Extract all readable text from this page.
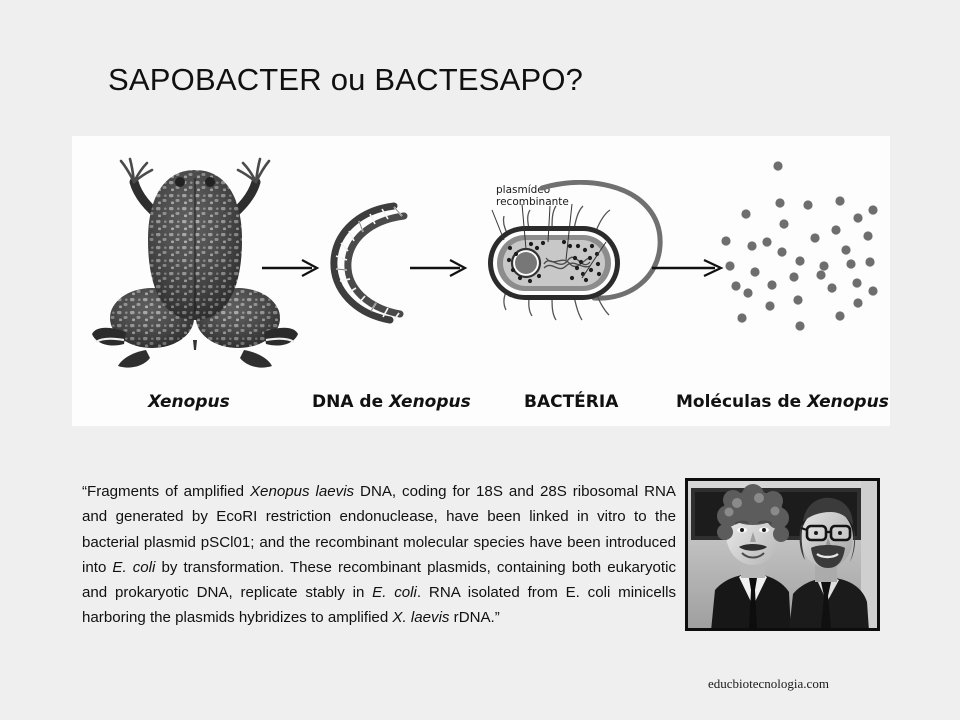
SAPOBACTER ou BACTESAPO?
plasmídeo
recombinante
Xenopus	DNA de Xenopus	BACTÉRIA	Moléculas de Xenopus
“Fragments of amplified Xenopus laevis DNA, coding for 18S and 28S ribosomal RNA and generated by EcoRI restriction endonuclease, have been linked in vitro to the bacterial plasmid pSCl01; and the recombinant molecular species have been introduced into E. coli by transformation. These recombinant plasmids, containing both eukaryotic and prokaryotic DNA, replicate stably in E. coli. RNA isolated from E. coli minicells harboring the plasmids hybridizes to amplified X. laevis rDNA.”
educbiotecnologia.com
